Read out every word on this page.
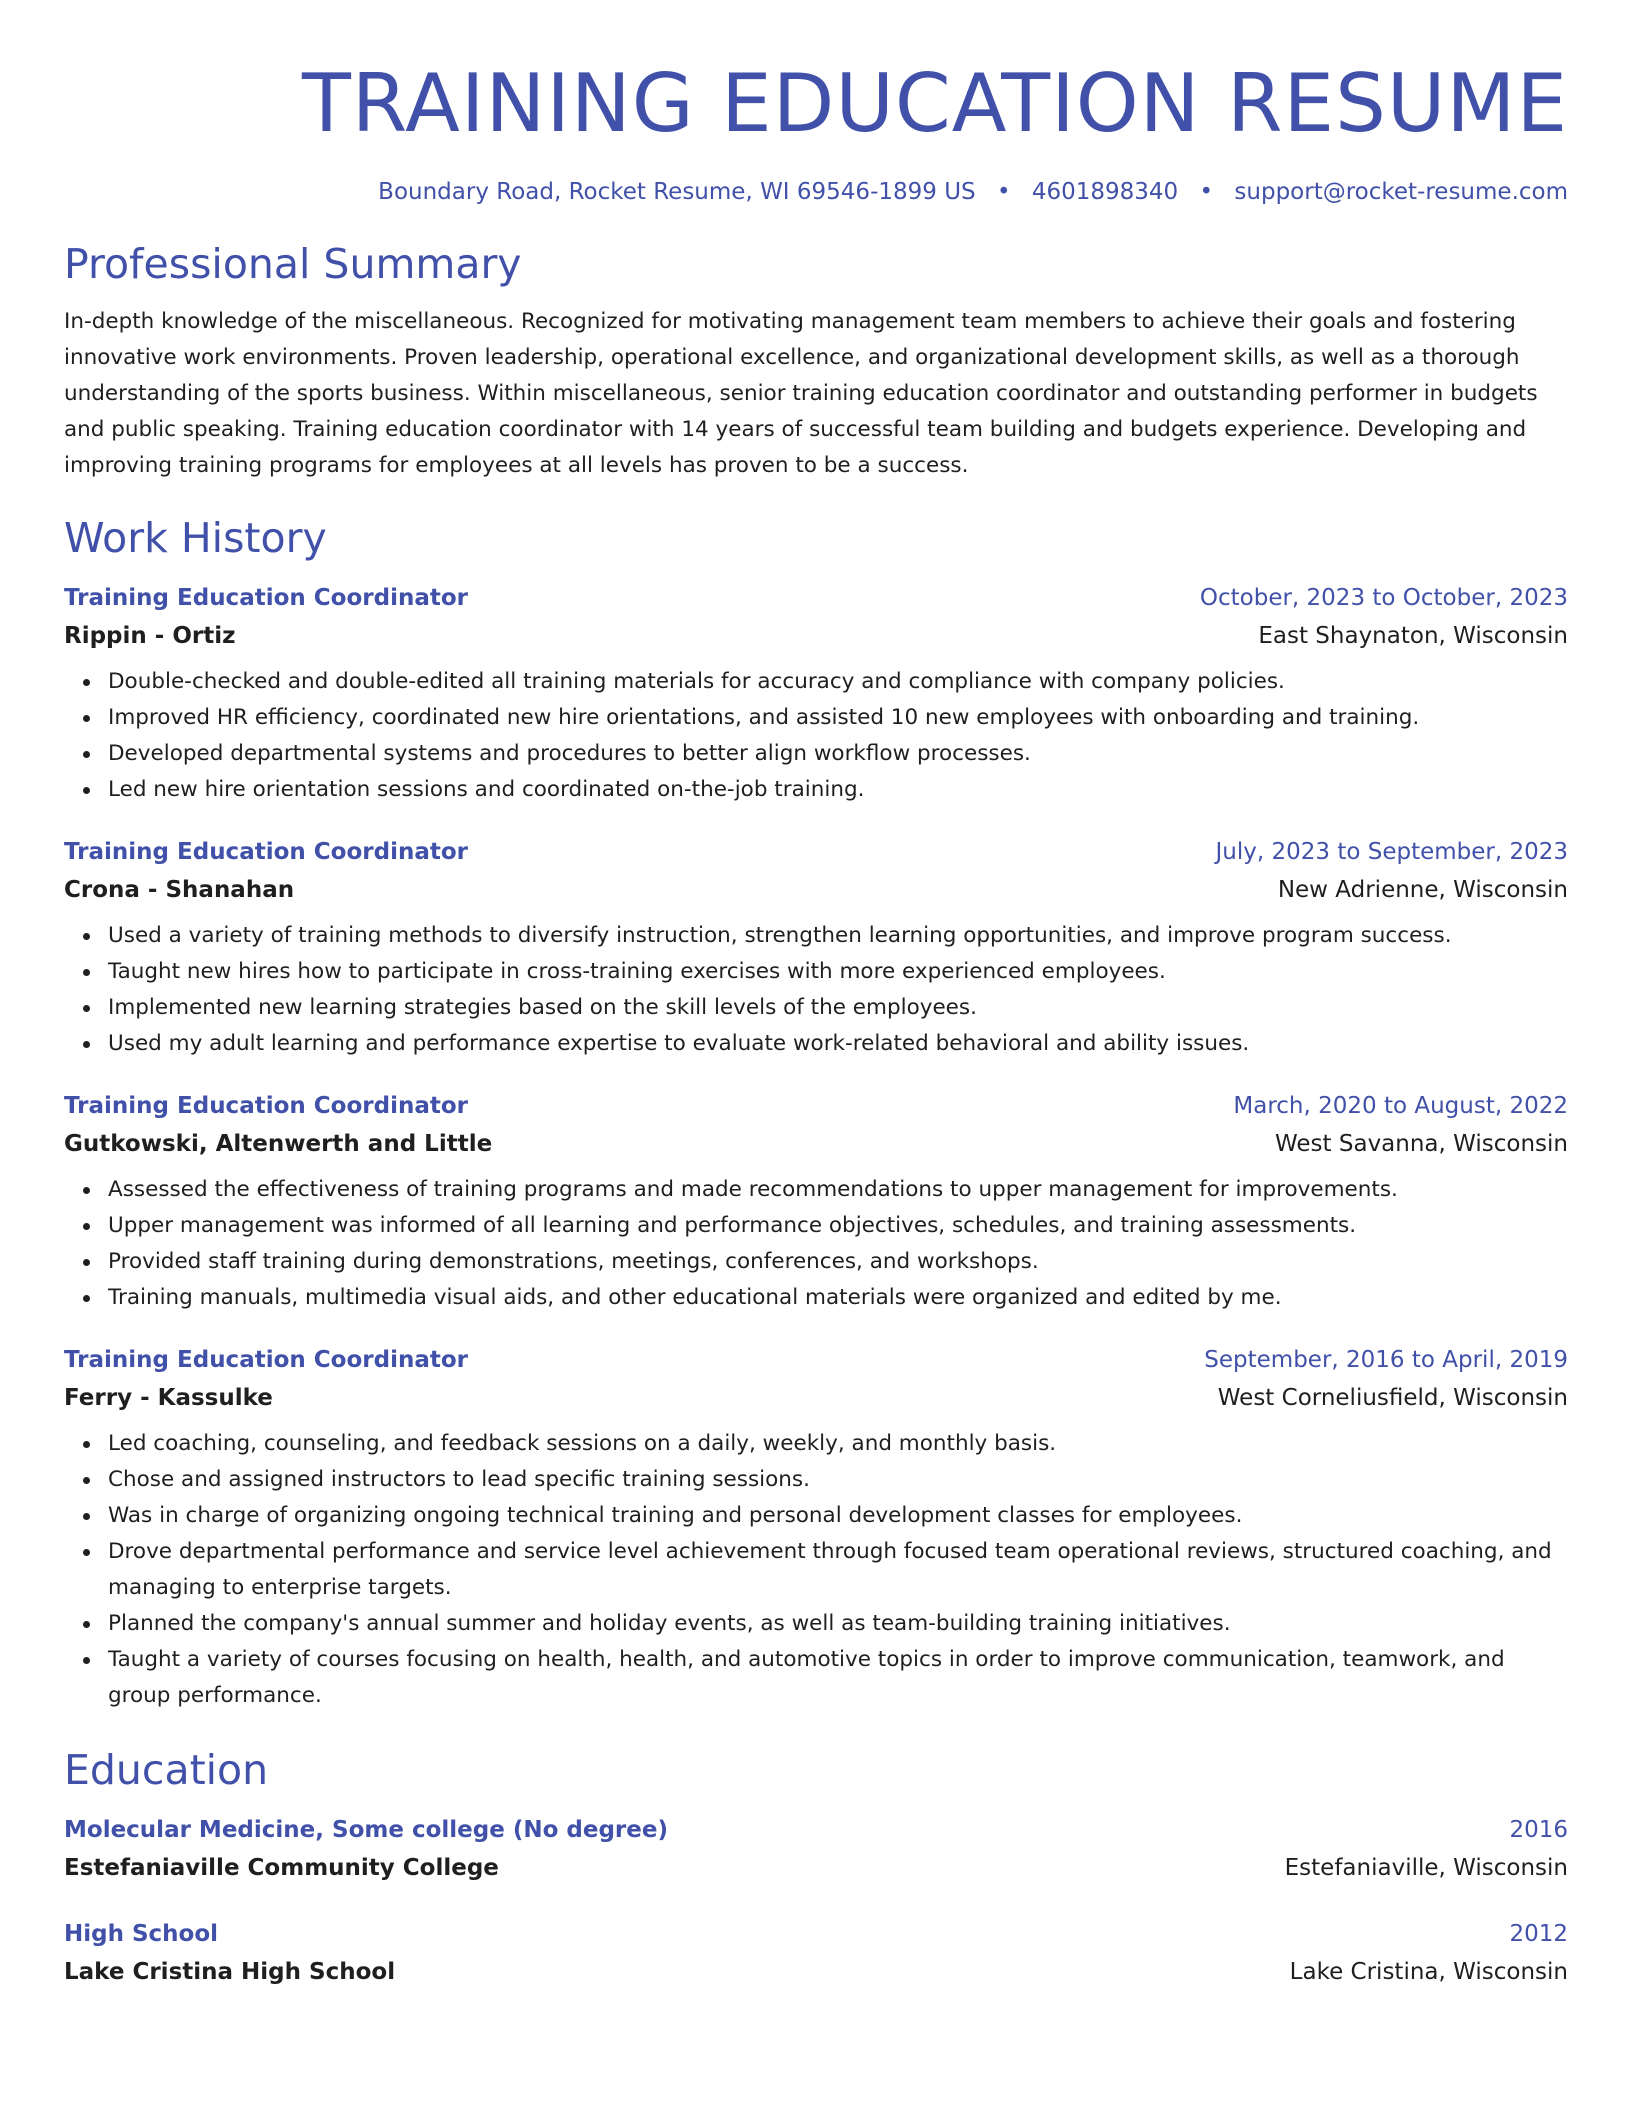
TRAINING EDUCATION RESUME
Boundary Road, Rocket Resume, WI 69546-1899 US • 4601898340 • support@rocket-resume.com
Professional Summary

In-depth knowledge of the miscellaneous. Recognized for motivating management team members to achieve their goals and fostering innovative work environments. Proven leadership, operational excellence, and organizational development skills, as well as a thorough understanding of the sports business. Within miscellaneous, senior training education coordinator and outstanding performer in budgets and public speaking. Training education coordinator with 14 years of successful team building and budgets experience. Developing and improving training programs for employees at all levels has proven to be a success.

Work History
Training Education Coordinator	October, 2023 to October, 2023
Rippin - Ortiz	East Shaynaton, Wisconsin
Double-checked and double-edited all training materials for accuracy and compliance with company policies.
Improved HR efficiency, coordinated new hire orientations, and assisted 10 new employees with onboarding and training.
Developed departmental systems and procedures to better align workflow processes.
Led new hire orientation sessions and coordinated on-the-job training.
Training Education Coordinator	July, 2023 to September, 2023
Crona - Shanahan	New Adrienne, Wisconsin
Used a variety of training methods to diversify instruction, strengthen learning opportunities, and improve program success.
Taught new hires how to participate in cross-training exercises with more experienced employees.
Implemented new learning strategies based on the skill levels of the employees.
Used my adult learning and performance expertise to evaluate work-related behavioral and ability issues.
Training Education Coordinator	March, 2020 to August, 2022
Gutkowski, Altenwerth and Little	West Savanna, Wisconsin
Assessed the effectiveness of training programs and made recommendations to upper management for improvements.
Upper management was informed of all learning and performance objectives, schedules, and training assessments.
Provided staff training during demonstrations, meetings, conferences, and workshops.
Training manuals, multimedia visual aids, and other educational materials were organized and edited by me.
Training Education Coordinator	September, 2016 to April, 2019
Ferry - Kassulke	West Corneliusfield, Wisconsin
Led coaching, counseling, and feedback sessions on a daily, weekly, and monthly basis.
Chose and assigned instructors to lead specific training sessions.
Was in charge of organizing ongoing technical training and personal development classes for employees.
Drove departmental performance and service level achievement through focused team operational reviews, structured coaching, and managing to enterprise targets.
Planned the company's annual summer and holiday events, as well as team-building training initiatives.
Taught a variety of courses focusing on health, health, and automotive topics in order to improve communication, teamwork, and group performance.
Education
Molecular Medicine, Some college (No degree)	2016
Estefaniaville Community College	Estefaniaville, Wisconsin
High School	2012
Lake Cristina High School	Lake Cristina, Wisconsin
